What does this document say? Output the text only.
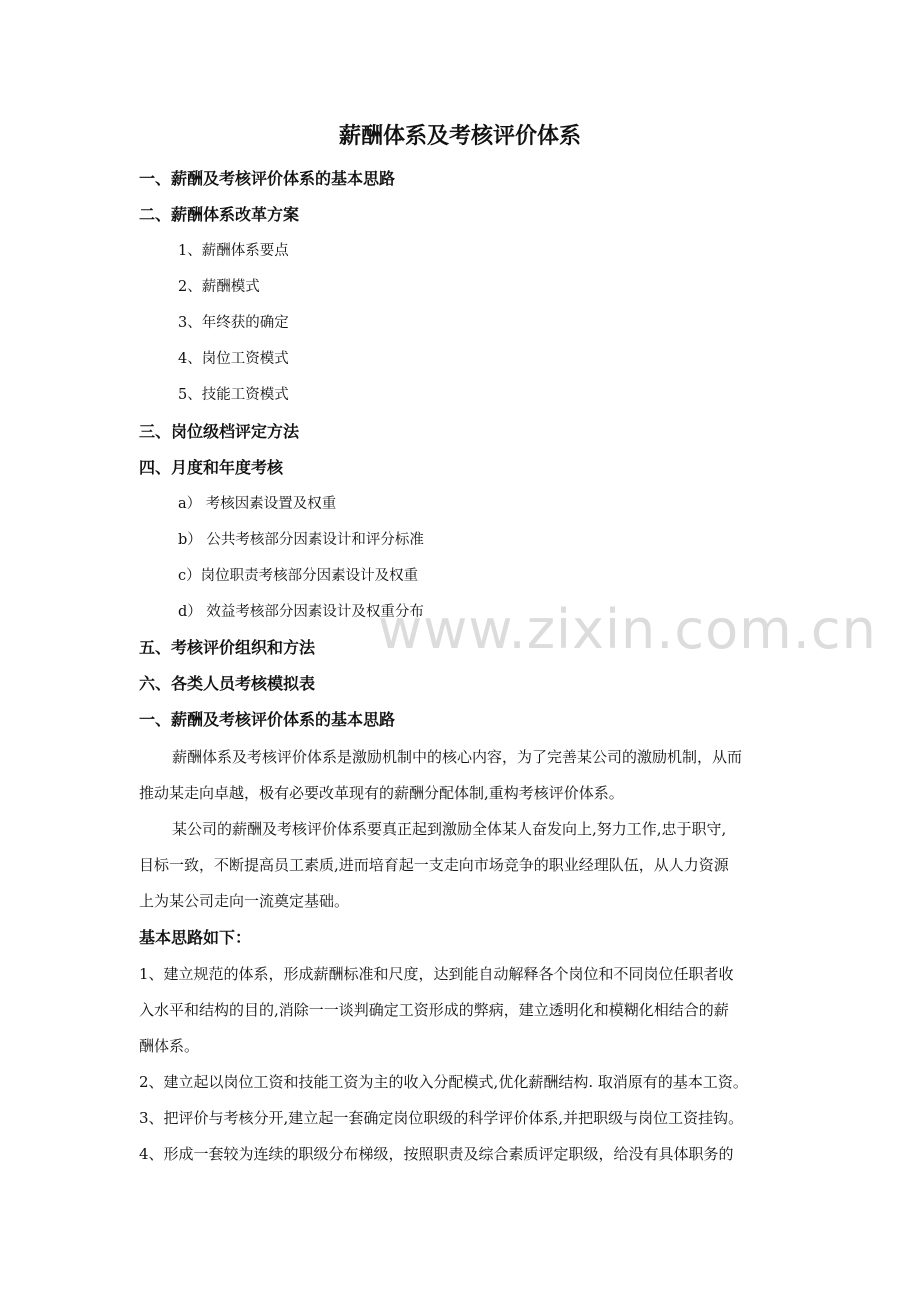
薪酬体系及考核评价体系
一、薪酬及考核评价体系的基本思路
二、薪酬体系改革方案
1、薪酬体系要点
2、薪酬模式
3、年终获的确定
4、岗位工资模式
5、技能工资模式
三、岗位级档评定方法
四、月度和年度考核
a） 考核因素设置及权重
b） 公共考核部分因素设计和评分标准
c）岗位职责考核部分因素设计及权重
d） 效益考核部分因素设计及权重分布
五、考核评价组织和方法
六、各类人员考核模拟表
一、薪酬及考核评价体系的基本思路
薪酬体系及考核评价体系是激励机制中的核心内容，为了完善某公司的激励机制，从而
推动某走向卓越，极有必要改革现有的薪酬分配体制,重构考核评价体系。
某公司的薪酬及考核评价体系要真正起到激励全体某人奋发向上,努力工作,忠于职守,
目标一致，不断提高员工素质,进而培育起一支走向市场竞争的职业经理队伍，从人力资源
上为某公司走向一流奠定基础。
基本思路如下：
1、建立规范的体系，形成薪酬标准和尺度，达到能自动解释各个岗位和不同岗位任职者收
入水平和结构的目的,消除一一谈判确定工资形成的弊病，建立透明化和模糊化相结合的薪
酬体系。
2、建立起以岗位工资和技能工资为主的收入分配模式,优化薪酬结构. 取消原有的基本工资。
3、把评价与考核分开,建立起一套确定岗位职级的科学评价体系,并把职级与岗位工资挂钩。
4、形成一套较为连续的职级分布梯级，按照职责及综合素质评定职级，给没有具体职务的
www.zixin.com.cn
